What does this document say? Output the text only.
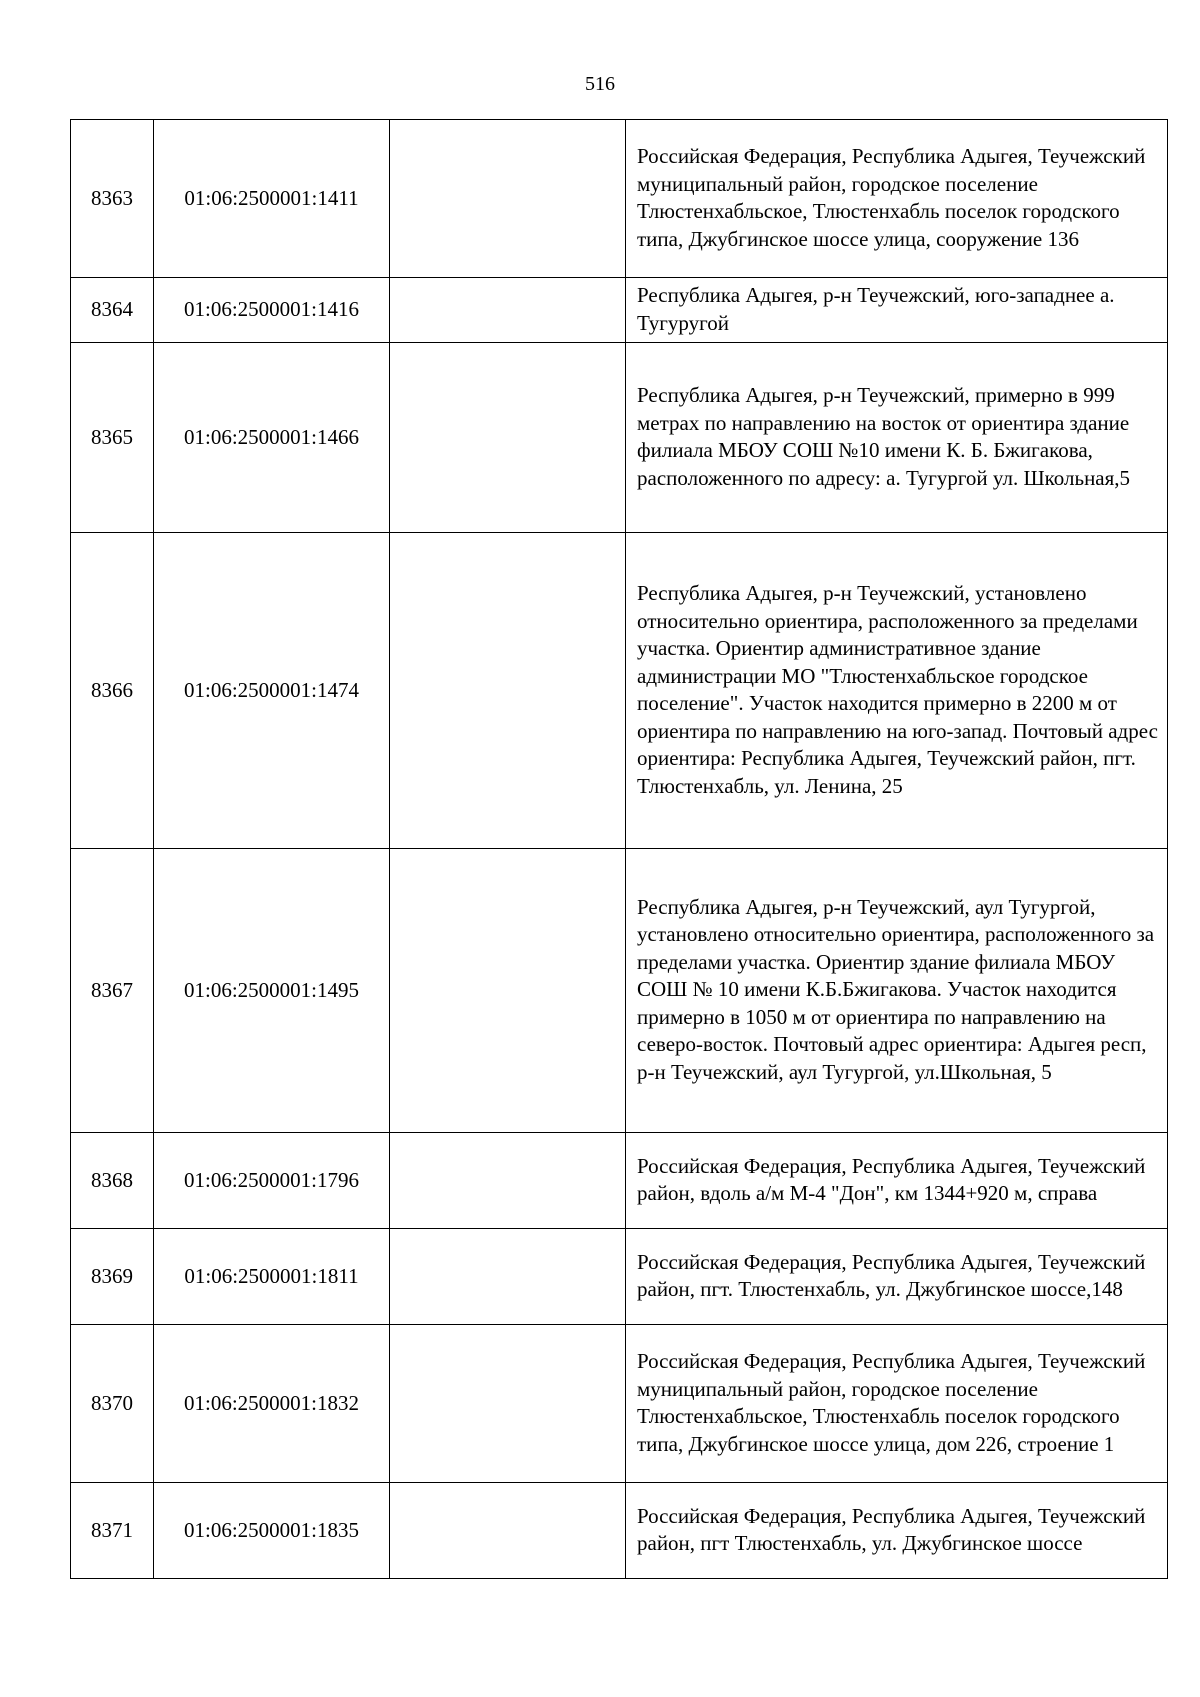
516
8363	01:06:2500001:1411		Российская Федерация, Республика Адыгея, Теучежский муниципальный район, городское поселение Тлюстенхабльское, Тлюстенхабль поселок городского типа, Джубгинское шоссе улица, сооружение 136
8364	01:06:2500001:1416		Республика Адыгея, р-н Теучежский, юго-западнее а. Тугуругой
8365	01:06:2500001:1466		Республика Адыгея, р-н Теучежский, примерно в 999 метрах по направлению на восток от ориентира здание филиала МБОУ СОШ №10 имени К. Б. Бжигакова, расположенного по адресу: а. Тугургой ул. Школьная,5
8366	01:06:2500001:1474		Республика Адыгея, р-н Теучежский, установлено относительно ориентира, расположенного за пределами участка. Ориентир административное здание администрации МО "Тлюстенхабльское городское поселение". Участок находится примерно в 2200 м от ориентира по направлению на юго-запад. Почтовый адрес ориентира: Республика Адыгея, Теучежский район, пгт. Тлюстенхабль, ул. Ленина, 25
8367	01:06:2500001:1495		Республика Адыгея, р-н Теучежский, аул Тугургой, установлено относительно ориентира, расположенного за пределами участка. Ориентир здание филиала МБОУ СОШ № 10 имени К.Б.Бжигакова. Участок находится примерно в 1050 м от ориентира по направлению на северо-восток. Почтовый адрес ориентира: Адыгея респ, р-н Теучежский, аул Тугургой, ул.Школьная, 5
8368	01:06:2500001:1796		Российская Федерация, Республика Адыгея, Теучежский район, вдоль а/м М-4 "Дон", км 1344+920 м, справа
8369	01:06:2500001:1811		Российская Федерация, Республика Адыгея, Теучежский район, пгт. Тлюстенхабль, ул. Джубгинское шоссе,148
8370	01:06:2500001:1832		Российская Федерация, Республика Адыгея, Теучежский муниципальный район, городское поселение Тлюстенхабльское, Тлюстенхабль поселок городского типа, Джубгинское шоссе улица, дом 226, строение 1
8371	01:06:2500001:1835		Российская Федерация, Республика Адыгея, Теучежский район, пгт Тлюстенхабль, ул. Джубгинское шоссе
